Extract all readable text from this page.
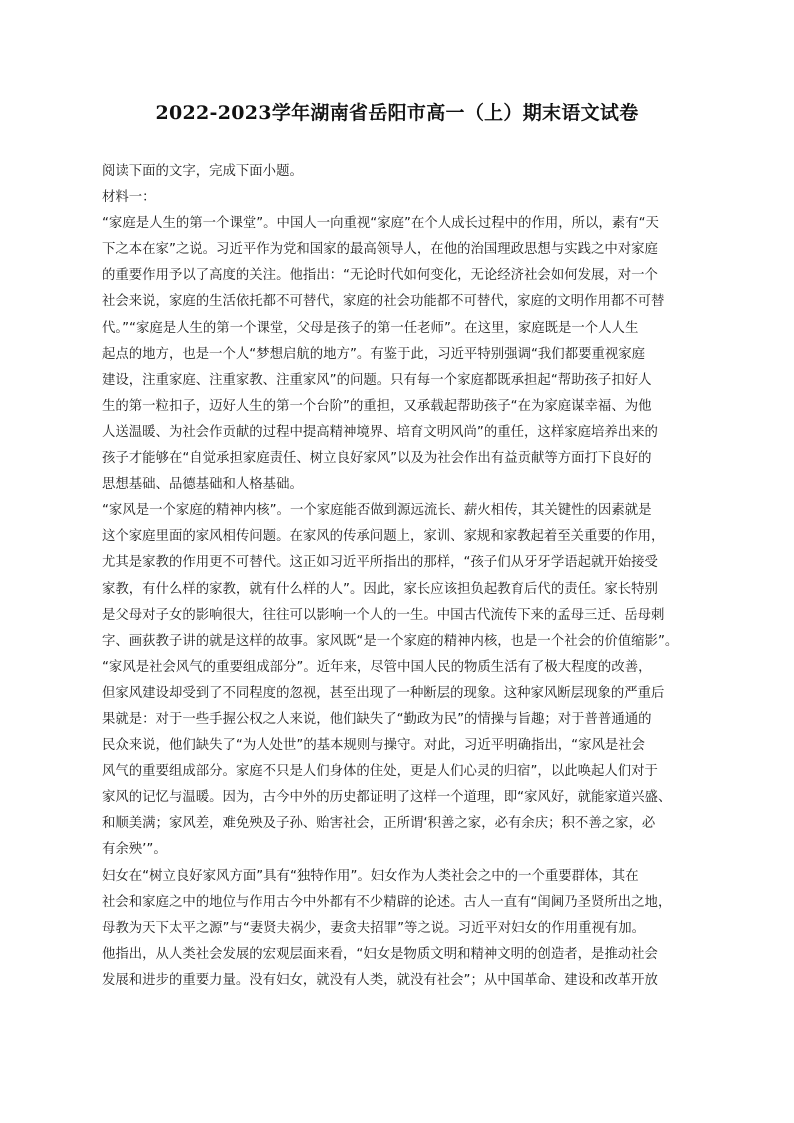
2022-2023学年湖南省岳阳市高一（上）期末语文试卷
阅读下面的文字，完成下面小题。
材料一：
“家庭是人生的第一个课堂”。中国人一向重视“家庭”在个人成长过程中的作用，所以，素有“天
下之本在家”之说。习近平作为党和国家的最高领导人，在他的治国理政思想与实践之中对家庭
的重要作用予以了高度的关注。他指出：“无论时代如何变化，无论经济社会如何发展，对一个
社会来说，家庭的生活依托都不可替代，家庭的社会功能都不可替代，家庭的文明作用都不可替
代。”“家庭是人生的第一个课堂，父母是孩子的第一任老师”。在这里，家庭既是一个人人生
起点的地方，也是一个人“梦想启航的地方”。有鉴于此，习近平特别强调“我们都要重视家庭
建设，注重家庭、注重家教、注重家风”的问题。只有每一个家庭都既承担起“帮助孩子扣好人
生的第一粒扣子，迈好人生的第一个台阶”的重担，又承载起帮助孩子“在为家庭谋幸福、为他
人送温暖、为社会作贡献的过程中提高精神境界、培育文明风尚”的重任，这样家庭培养出来的
孩子才能够在“自觉承担家庭责任、树立良好家风”以及为社会作出有益贡献等方面打下良好的
思想基础、品德基础和人格基础。
“家风是一个家庭的精神内核”。一个家庭能否做到源远流长、薪火相传，其关键性的因素就是
这个家庭里面的家风相传问题。在家风的传承问题上，家训、家规和家教起着至关重要的作用，
尤其是家教的作用更不可替代。这正如习近平所指出的那样，“孩子们从牙牙学语起就开始接受
家教，有什么样的家教，就有什么样的人”。因此，家长应该担负起教育后代的责任。家长特别
是父母对子女的影响很大，往往可以影响一个人的一生。中国古代流传下来的孟母三迁、岳母刺
字、画荻教子讲的就是这样的故事。家风既“是一个家庭的精神内核，也是一个社会的价值缩影”。
“家风是社会风气的重要组成部分”。近年来，尽管中国人民的物质生活有了极大程度的改善，
但家风建设却受到了不同程度的忽视，甚至出现了一种断层的现象。这种家风断层现象的严重后
果就是：对于一些手握公权之人来说，他们缺失了“勤政为民”的情操与旨趣；对于普普通通的
民众来说，他们缺失了“为人处世”的基本规则与操守。对此，习近平明确指出，“家风是社会
风气的重要组成部分。家庭不只是人们身体的住处，更是人们心灵的归宿”，以此唤起人们对于
家风的记忆与温暖。因为，古今中外的历史都证明了这样一个道理，即“家风好，就能家道兴盛、
和顺美满；家风差，难免殃及子孙、贻害社会，正所谓‘积善之家，必有余庆；积不善之家，必
有余殃’”。
妇女在“树立良好家风方面”具有“独特作用”。妇女作为人类社会之中的一个重要群体，其在
社会和家庭之中的地位与作用古今中外都有不少精辟的论述。古人一直有“闺阃乃圣贤所出之地，
母教为天下太平之源”与“妻贤夫祸少，妻贪夫招罪”等之说。习近平对妇女的作用重视有加。
他指出，从人类社会发展的宏观层面来看，“妇女是物质文明和精神文明的创造者，是推动社会
发展和进步的重要力量。没有妇女，就没有人类，就没有社会”；从中国革命、建设和改革开放
